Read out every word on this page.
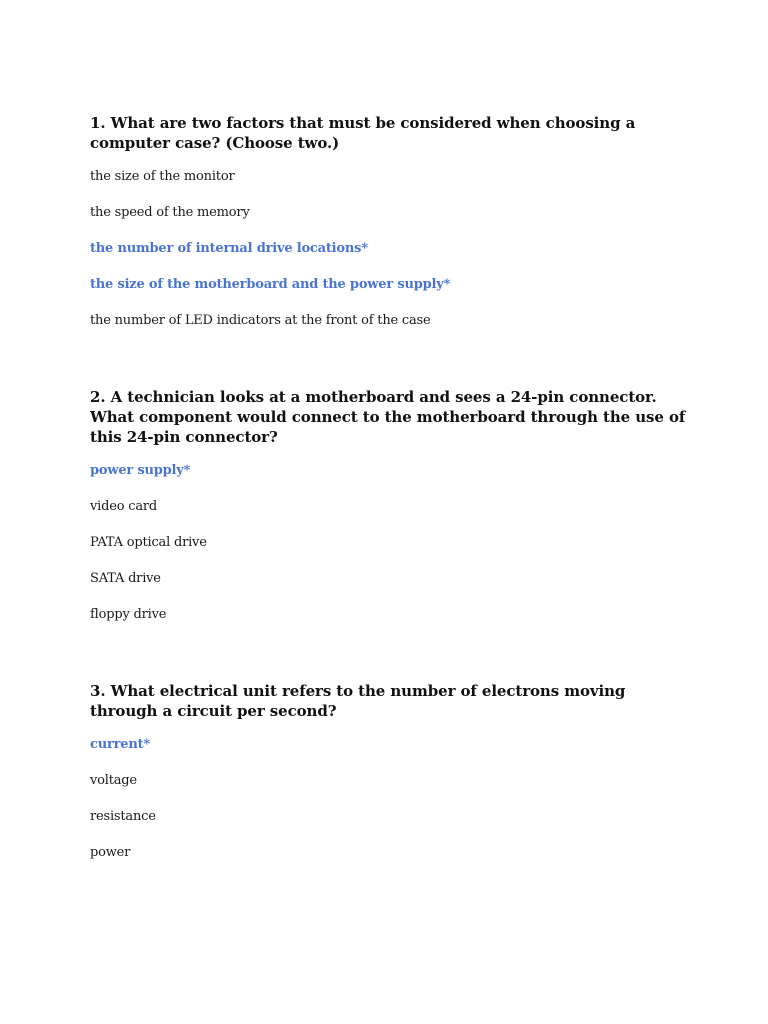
1. What are two factors that must be considered when choosing a computer case? (Choose two.)

the size of the monitor
the speed of the memory
the number of internal drive locations*
the size of the motherboard and the power supply*
the number of LED indicators at the front of the case

2. A technician looks at a motherboard and sees a 24-pin connector. What component would connect to the motherboard through the use of this 24-pin connector?

power supply*
video card
PATA optical drive
SATA drive
floppy drive

3. What electrical unit refers to the number of electrons moving through a circuit per second?

current*
voltage
resistance
power
